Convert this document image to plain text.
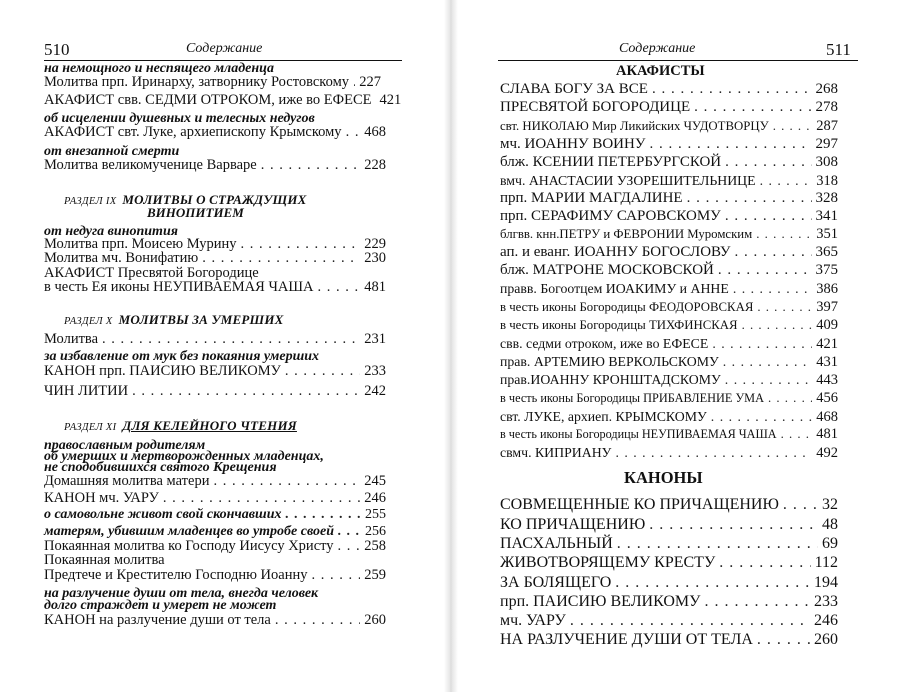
510	Содержание
на немощного и неспящего младенца
Молитва прп. Иринарху, затворнику Ростовскому . . . 227
АКАФИСТ свв. СЕДМИ ОТРОКОМ, иже во ЕФЕСЕ 421
об исцелении душевных и телесных недугов
АКАФИСТ свт. Луке, архиепископу Крымскому . . . 468
от внезапной смерти
Молитва великомученице Варваре . . .	228
РАЗДЕЛ IX МОЛИТВЫ О СТРАЖДУЩИХ
ВИНОПИТИЕМ
от недуга винопития
Молитва прп. Моисею Мурину . . .	229
Молитва мч. Вонифатию . . .	230
АКАФИСТ Пресвятой Богородице
в честь Ея иконы НЕУПИВАЕМАЯ ЧАША . . .	481
РАЗДЕЛ X МОЛИТВЫ ЗА УМЕРШИХ
Молитва . . .	231
за избавление от мук без покаяния умерших
КАНОН прп. ПАИСИЮ ВЕЛИКОМУ . . .	233
ЧИН ЛИТИИ . . .	242
РАЗДЕЛ XI ДЛЯ КЕЛЕЙНОГО ЧТЕНИЯ
православным родителям
об умерших и мертворожденных младенцах,
не сподобившихся святого Крещения
Домашняя молитва матери . . .	245
КАНОН мч. УАРУ . . .	246
о самовольне живот свой скончавших . . .	255
матерям, убившим младенцев во утробе своей . . . 256
Покаянная молитва ко Господу Иисусу Христу . . . 258
Покаянная молитва
Предтече и Крестителю Господню Иоанну . . .	259
на разлучение души от тела, внегда человек
долго страждет и умерет не может
КАНОН на разлучение души от тела . . .	260
Содержание	511
АКАФИСТЫ
СЛАВА БОГУ ЗА ВСЕ . . .	268
ПРЕСВЯТОЙ БОГОРОДИЦЕ . . .	278
свт. НИКОЛАЮ Мир Ликийских ЧУДОТВОРЦУ . . .	287
мч. ИОАННУ ВОИНУ . . .	297
блж. КСЕНИИ ПЕТЕРБУРГСКОЙ . . .	308
вмч. АНАСТАСИИ УЗОРЕШИТЕЛЬНИЦЕ . . .	318
прп. МАРИИ МАГДАЛИНЕ . . .	328
прп. СЕРАФИМУ САРОВСКОМУ . . .	341
блгвв. кнн.ПЕТРУ и ФЕВРОНИИ Муромским . . .	351
ап. и еванг. ИОАННУ БОГОСЛОВУ . . .	365
блж. МАТРОНЕ МОСКОВСКОЙ . . .	375
правв. Богоотцем ИОАКИМУ и АННЕ . . .	386
в честь иконы Богородицы ФЕОДОРОВСКАЯ . . .	397
в честь иконы Богородицы ТИХФИНСКАЯ . . .	409
свв. седми отроком, иже во ЕФЕСЕ . . .	421
прав. АРТЕМИЮ ВЕРКОЛЬСКОМУ . . .	431
прав.ИОАННУ КРОНШТАДСКОМУ . . .	443
в честь иконы Богородицы ПРИБАВЛЕНИЕ УМА . . .	456
свт. ЛУКЕ, архиеп. КРЫМСКОМУ . . .	468
в честь иконы Богородицы НЕУПИВАЕМАЯ ЧАША . . .	481
свмч. КИПРИАНУ . . .	492
КАНОНЫ
СОВМЕЩЕННЫЕ КО ПРИЧАЩЕНИЮ . . .	32
КО ПРИЧАЩЕНИЮ . . .	48
ПАСХАЛЬНЫЙ . . .	69
ЖИВОТВОРЯЩЕМУ КРЕСТУ . . .	112
ЗА БОЛЯЩЕГО . . .	194
прп. ПАИСИЮ ВЕЛИКОМУ . . .	233
мч. УАРУ . . .	246
НА РАЗЛУЧЕНИЕ ДУШИ ОТ ТЕЛА . . .	260
